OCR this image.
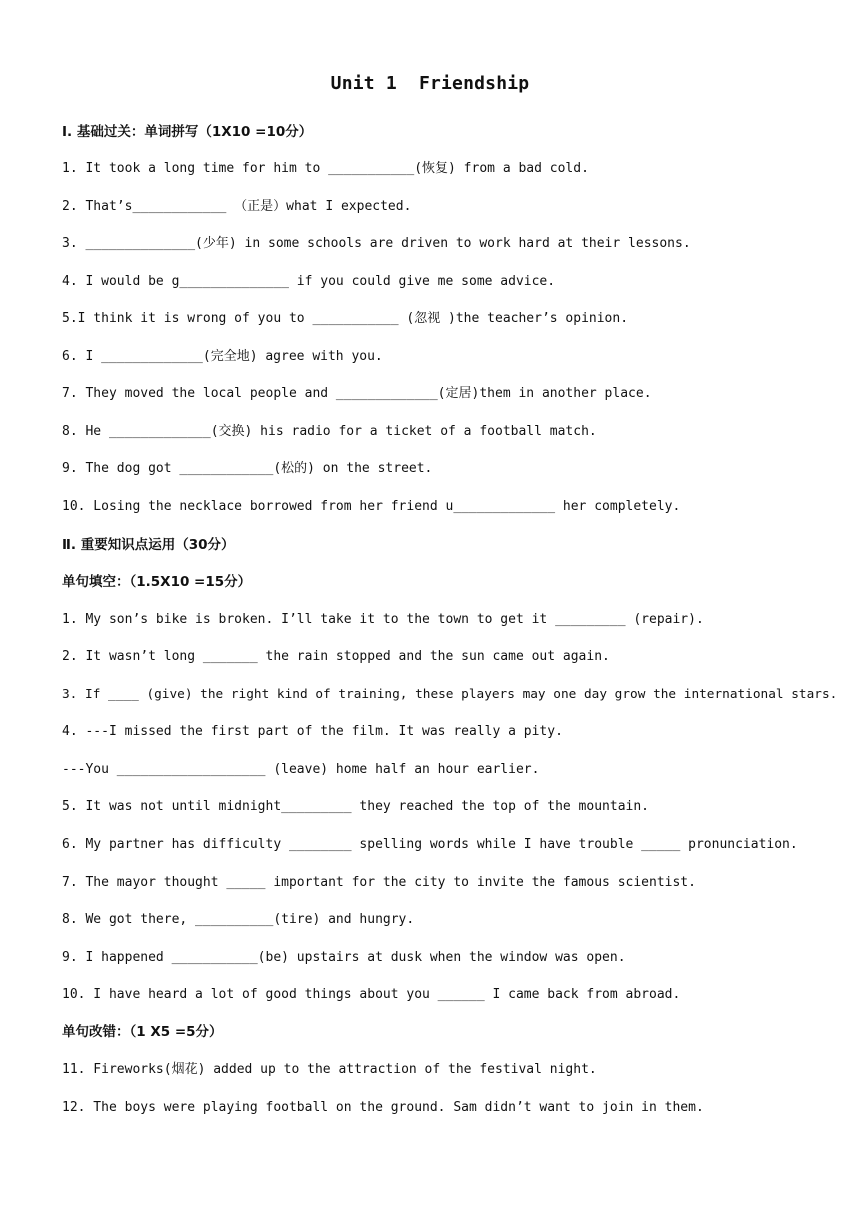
Unit 1  Friendship
Ⅰ. 基础过关：单词拼写（1X10 =10分）
1. It took a long time for him to ___________(恢复) from a bad cold.
2. That’s____________ （正是）what I expected.
3. ______________(少年) in some schools are driven to work hard at their lessons.
4. I would be g______________ if you could give me some advice.
5.I think it is wrong of you to ___________ (忽视 )the teacher’s opinion.
6. I _____________(完全地) agree with you.
7. They moved the local people and _____________(定居)them in another place.
8. He _____________(交换) his radio for a ticket of a football match.
9. The dog got ____________(松的) on the street.
10. Losing the necklace borrowed from her friend u_____________ her completely.
Ⅱ. 重要知识点运用（30分）
单句填空：（1.5X10 =15分）
1. My son’s bike is broken. I’ll take it to the town to get it _________ (repair).
2. It wasn’t long _______ the rain stopped and the sun came out again.
3. If ____ (give) the right kind of training, these players may one day grow the international stars.
4. ---I missed the first part of the film. It was really a pity.
---You ___________________ (leave) home half an hour earlier.
5. It was not until midnight_________ they reached the top of the mountain.
6. My partner has difficulty ________ spelling words while I have trouble _____ pronunciation.
7. The mayor thought _____ important for the city to invite the famous scientist.
8. We got there, __________(tire) and hungry.
9. I happened ___________(be) upstairs at dusk when the window was open.
10. I have heard a lot of good things about you ______ I came back from abroad.
单句改错：（1 X5 =5分）
11. Fireworks(烟花) added up to the attraction of the festival night.
12. The boys were playing football on the ground. Sam didn’t want to join in them.
